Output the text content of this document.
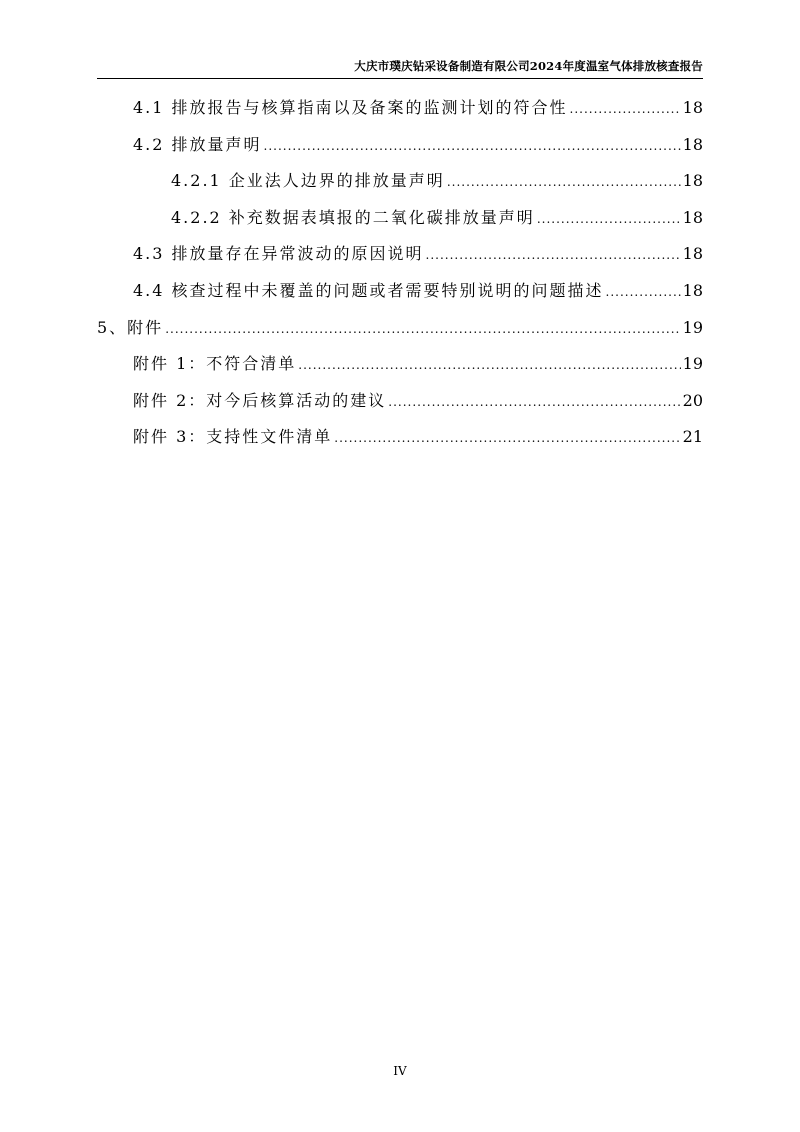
大庆市璞庆钻采设备制造有限公司2024年度温室气体排放核查报告
4.1 排放报告与核算指南以及备案的监测计划的符合性 .....	18
4.2 排放量声明 .....	18
4.2.1 企业法人边界的排放量声明 .....	18
4.2.2 补充数据表填报的二氧化碳排放量声明 .....	18
4.3 排放量存在异常波动的原因说明 .....	18
4.4 核查过程中未覆盖的问题或者需要特别说明的问题描述 .....	18
5、附件 .....	19
附件 1：不符合清单 .....	19
附件 2：对今后核算活动的建议 .....	20
附件 3：支持性文件清单 .....	21
IV
